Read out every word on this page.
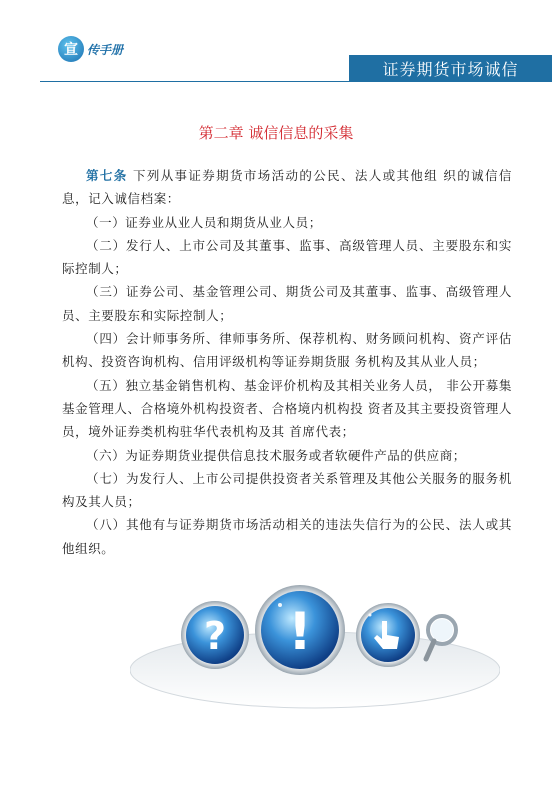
宣 传手册
证券期货市场诚信
第二章 诚信信息的采集

第七条 下列从事证券期货市场活动的公民、法人或其他组 织的诚信信息，记入诚信档案：

（一）证券业从业人员和期货从业人员；

（二）发行人、上市公司及其董事、监事、高级管理人员、主要股东和实际控制人；

（三）证券公司、基金管理公司、期货公司及其董事、监事、高级管理人员、主要股东和实际控制人；

（四）会计师事务所、律师事务所、保荐机构、财务顾问机构、资产评估机构、投资咨询机构、信用评级机构等证券期货服 务机构及其从业人员；

（五）独立基金销售机构、基金评价机构及其相关业务人员， 非公开募集基金管理人、合格境外机构投资者、合格境内机构投 资者及其主要投资管理人员，境外证券类机构驻华代表机构及其 首席代表；

（六）为证券期货业提供信息技术服务或者软硬件产品的供应商；

（七）为发行人、上市公司提供投资者关系管理及其他公关服务的服务机构及其人员；

（八）其他有与证券期货市场活动相关的违法失信行为的公民、法人或其他组织。

? !
